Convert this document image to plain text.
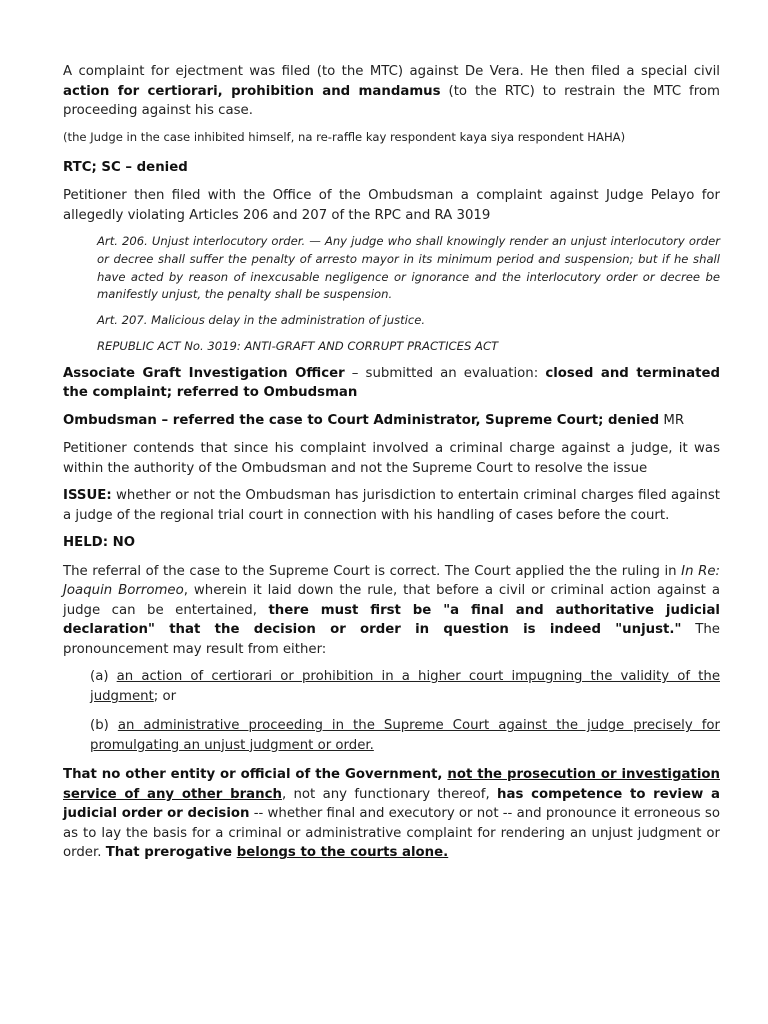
A complaint for ejectment was filed (to the MTC) against De Vera. He then filed a special civil action for certiorari, prohibition and mandamus (to the RTC) to restrain the MTC from proceeding against his case.

(the Judge in the case inhibited himself, na re-raffle kay respondent kaya siya respondent HAHA)

RTC; SC – denied

Petitioner then filed with the Office of the Ombudsman a complaint against Judge Pelayo for allegedly violating Articles 206 and 207 of the RPC and RA 3019

Art. 206. Unjust interlocutory order. — Any judge who shall knowingly render an unjust interlocutory order or decree shall suffer the penalty of arresto mayor in its minimum period and suspension; but if he shall have acted by reason of inexcusable negligence or ignorance and the interlocutory order or decree be manifestly unjust, the penalty shall be suspension.

Art. 207. Malicious delay in the administration of justice.

REPUBLIC ACT No. 3019: ANTI-GRAFT AND CORRUPT PRACTICES ACT

Associate Graft Investigation Officer – submitted an evaluation: closed and terminated the complaint; referred to Ombudsman

Ombudsman – referred the case to Court Administrator, Supreme Court; denied MR

Petitioner contends that since his complaint involved a criminal charge against a judge, it was within the authority of the Ombudsman and not the Supreme Court to resolve the issue

ISSUE: whether or not the Ombudsman has jurisdiction to entertain criminal charges filed against a judge of the regional trial court in connection with his handling of cases before the court.

HELD: NO

The referral of the case to the Supreme Court is correct. The Court applied the the ruling in In Re: Joaquin Borromeo, wherein it laid down the rule, that before a civil or criminal action against a judge can be entertained, there must first be "a final and authoritative judicial declaration" that the decision or order in question is indeed "unjust." The pronouncement may result from either:

(a) an action of certiorari or prohibition in a higher court impugning the validity of the judgment; or

(b) an administrative proceeding in the Supreme Court against the judge precisely for promulgating an unjust judgment or order.

That no other entity or official of the Government, not the prosecution or investigation service of any other branch, not any functionary thereof, has competence to review a judicial order or decision -- whether final and executory or not -- and pronounce it erroneous so as to lay the basis for a criminal or administrative complaint for rendering an unjust judgment or order. That prerogative belongs to the courts alone.
